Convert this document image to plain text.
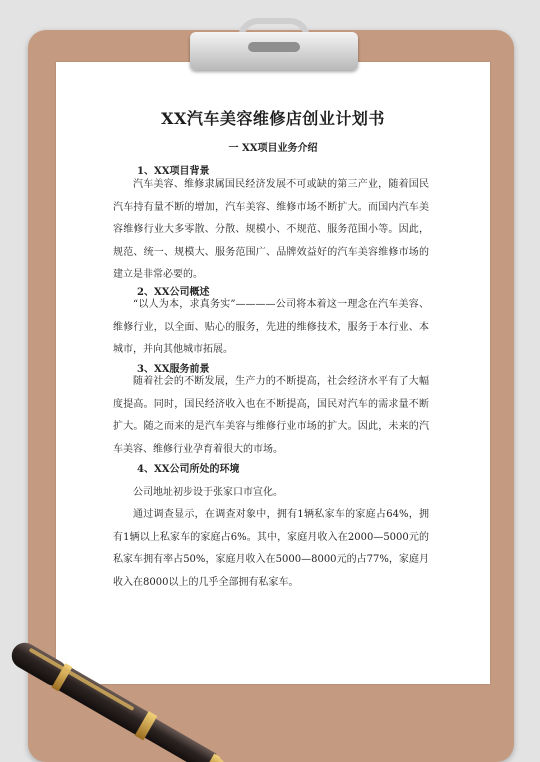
XX汽车美容维修店创业计划书
一 XX项目业务介绍
1、XX项目背景

汽车美容、维修隶属国民经济发展不可或缺的第三产业，随着国民汽车持有量不断的增加，汽车美容、维修市场不断扩大。而国内汽车美容维修行业大多零散、分散、规模小、不规范、服务范围小等。因此，规范、统一、规模大、服务范围广、品牌效益好的汽车美容维修市场的建立是非常必要的。

2、XX公司概述

“以人为本，求真务实”————公司将本着这一理念在汽车美容、维修行业，以全面、贴心的服务，先进的维修技术，服务于本行业、本城市，并向其他城市拓展。

3、XX服务前景

随着社会的不断发展，生产力的不断提高，社会经济水平有了大幅度提高。同时，国民经济收入也在不断提高，国民对汽车的需求量不断扩大。随之而来的是汽车美容与维修行业市场的扩大。因此，未来的汽车美容、维修行业孕育着很大的市场。

4、XX公司所处的环境

公司地址初步设于张家口市宣化。

通过调查显示，在调查对象中，拥有1辆私家车的家庭占64%，拥有1辆以上私家车的家庭占6%。其中，家庭月收入在2000—5000元的私家车拥有率占50%，家庭月收入在5000—8000元的占77%，家庭月收入在8000以上的几乎全部拥有私家车。
